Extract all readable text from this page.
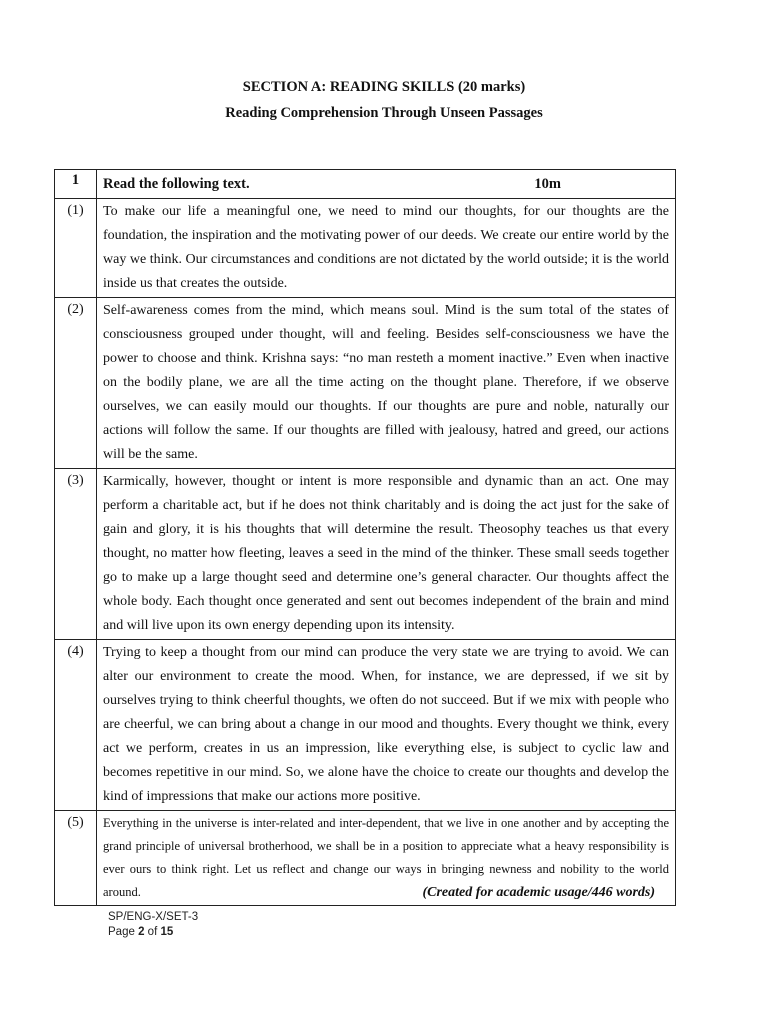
SECTION A: READING SKILLS (20 marks)
Reading Comprehension Through Unseen Passages
1	Read the following text. 10m

(1)	To make our life a meaningful one, we need to mind our thoughts, for our thoughts are the foundation, the inspiration and the motivating power of our deeds. We create our entire world by the way we think. Our circumstances and conditions are not dictated by the world outside; it is the world inside us that creates the outside.
(2)	Self-awareness comes from the mind, which means soul. Mind is the sum total of the states of consciousness grouped under thought, will and feeling. Besides self-consciousness we have the power to choose and think. Krishna says: “no man resteth a moment inactive.” Even when inactive on the bodily plane, we are all the time acting on the thought plane. Therefore, if we observe ourselves, we can easily mould our thoughts. If our thoughts are pure and noble, naturally our actions will follow the same. If our thoughts are filled with jealousy, hatred and greed, our actions will be the same.
(3)	Karmically, however, thought or intent is more responsible and dynamic than an act. One may perform a charitable act, but if he does not think charitably and is doing the act just for the sake of gain and glory, it is his thoughts that will determine the result. Theosophy teaches us that every thought, no matter how fleeting, leaves a seed in the mind of the thinker. These small seeds together go to make up a large thought seed and determine one’s general character. Our thoughts affect the whole body. Each thought once generated and sent out becomes independent of the brain and mind and will live upon its own energy depending upon its intensity.
(4)	Trying to keep a thought from our mind can produce the very state we are trying to avoid. We can alter our environment to create the mood. When, for instance, we are depressed, if we sit by ourselves trying to think cheerful thoughts, we often do not succeed. But if we mix with people who are cheerful, we can bring about a change in our mood and thoughts. Every thought we think, every act we perform, creates in us an impression, like everything else, is subject to cyclic law and becomes repetitive in our mind. So, we alone have the choice to create our thoughts and develop the kind of impressions that make our actions more positive.
(5)	Everything in the universe is inter-related and inter-dependent, that we live in one another and by accepting the grand principle of universal brotherhood, we shall be in a position to appreciate what a heavy responsibility is ever ours to think right. Let us reflect and change our ways in bringing newness and nobility to the world around. (Created for academic usage/446 words)
SP/ENG-X/SET-3
Page 2 of 15
